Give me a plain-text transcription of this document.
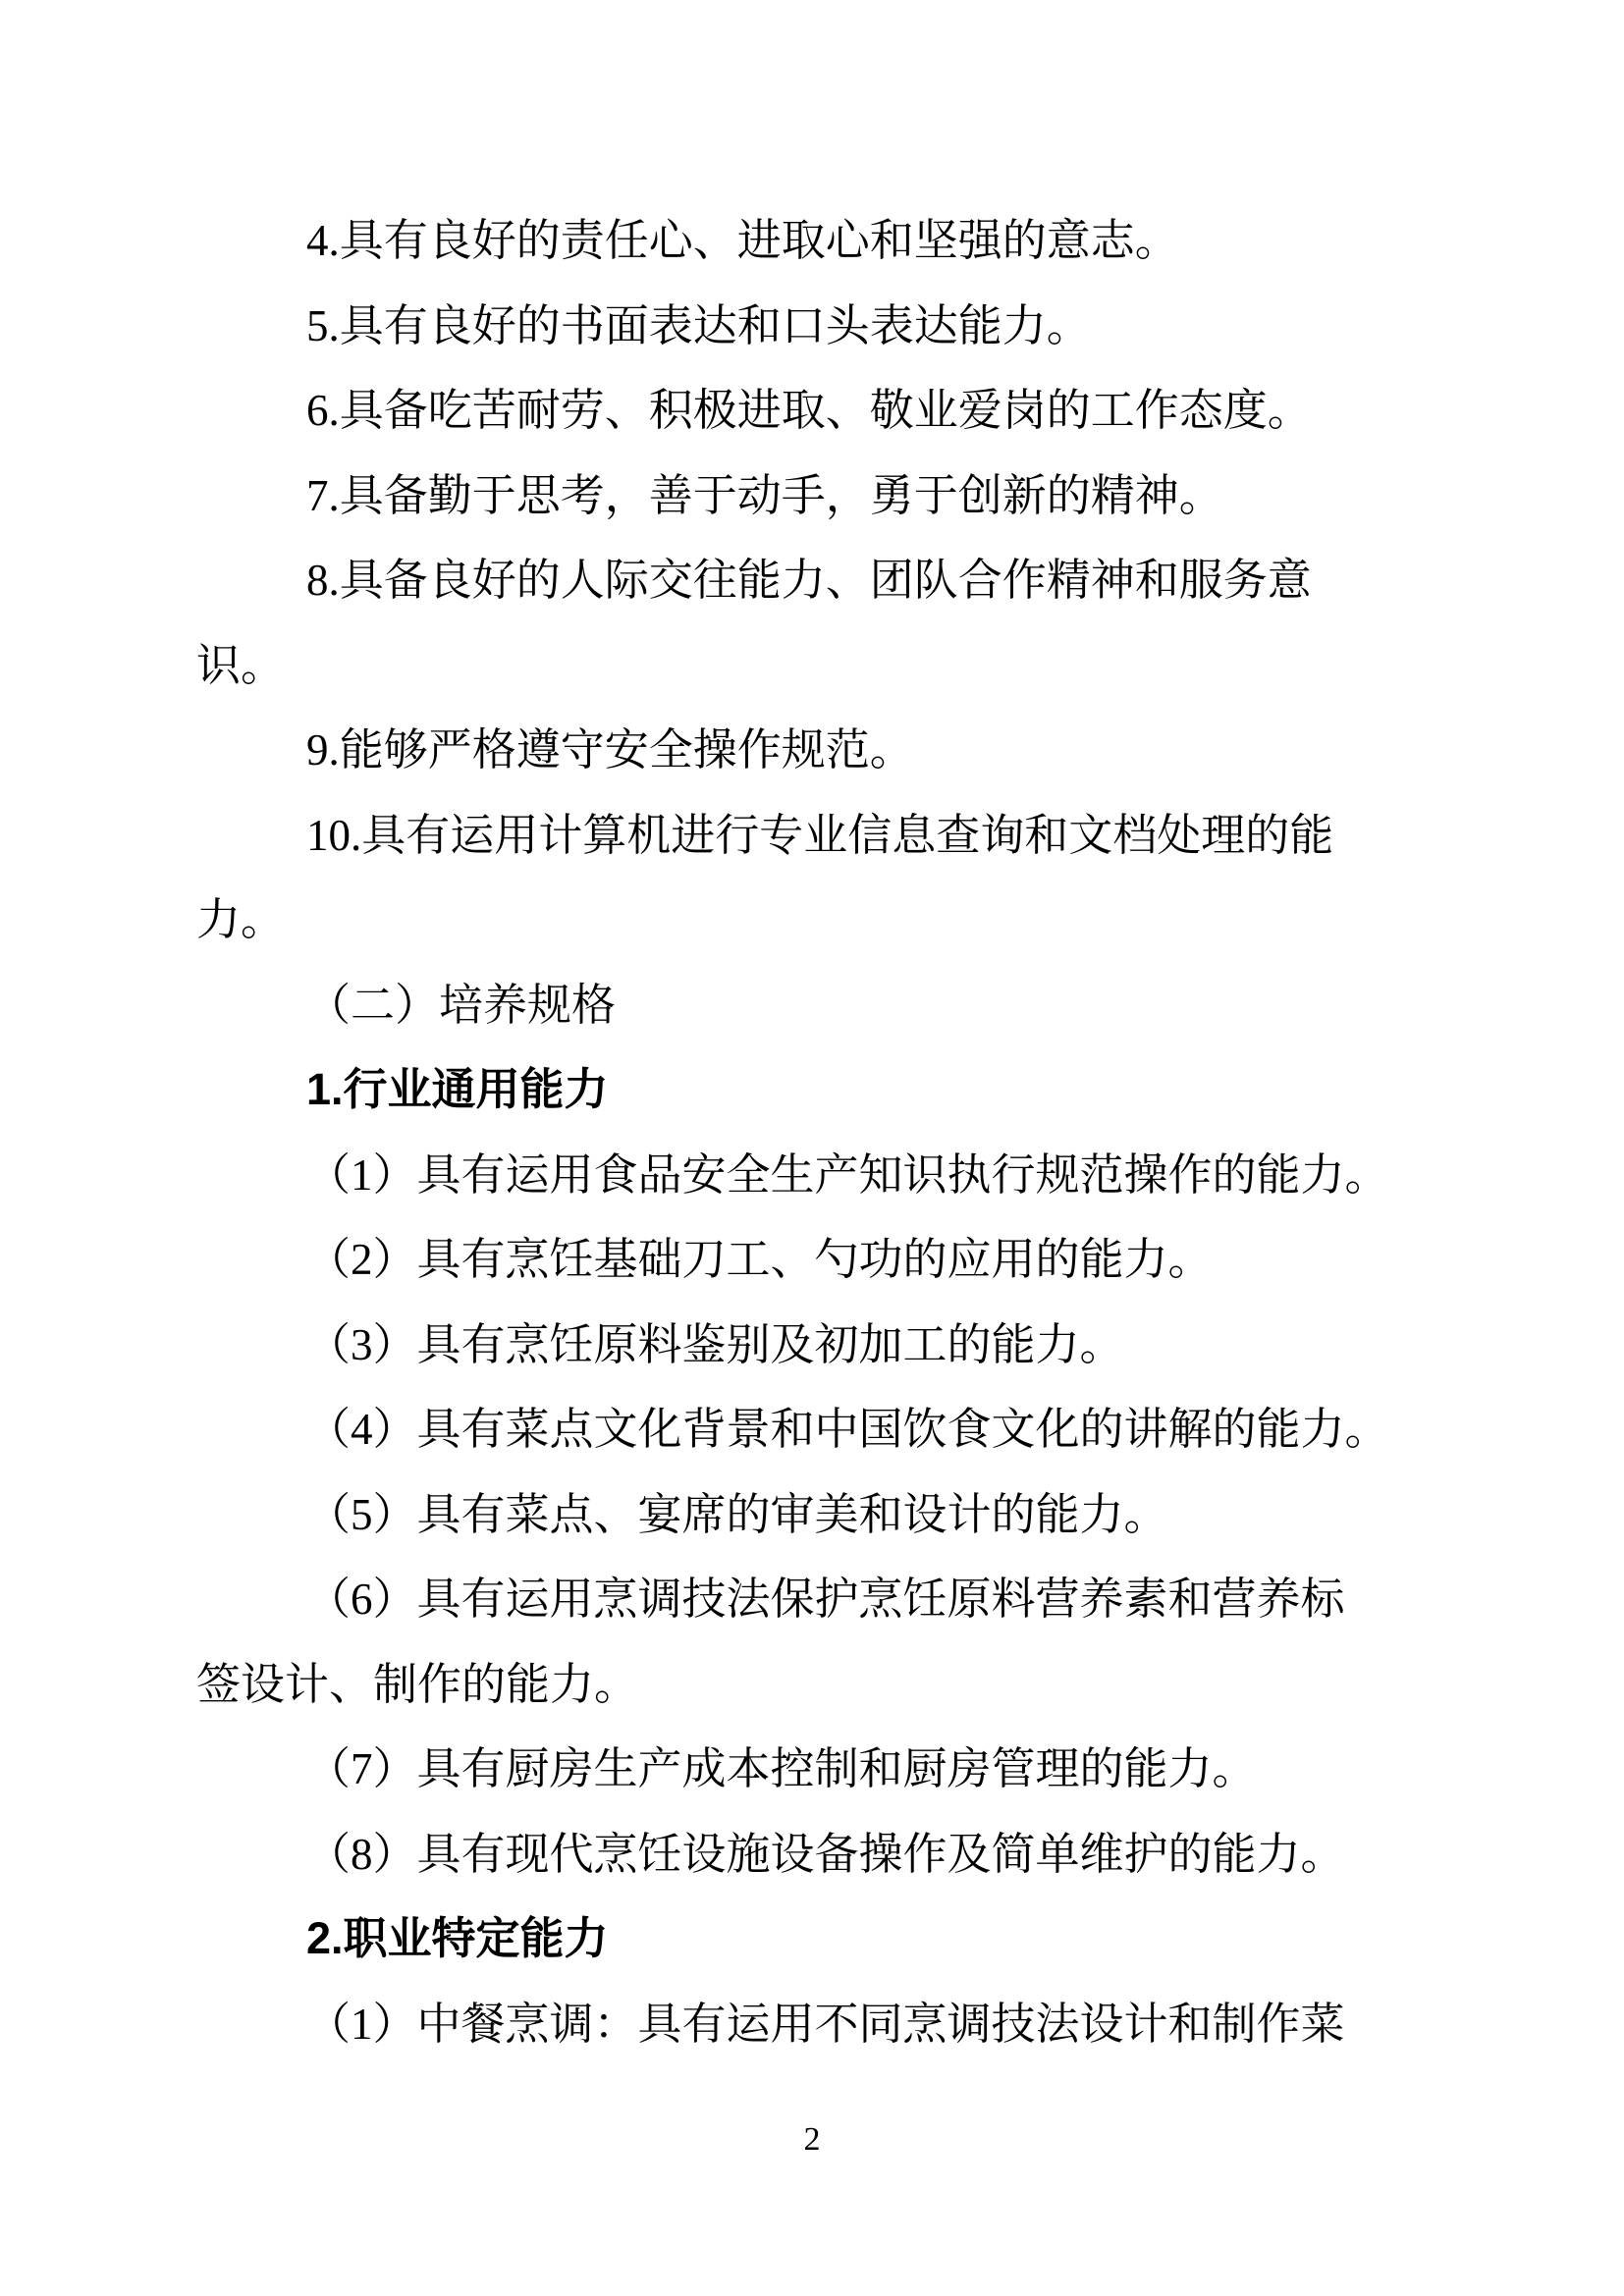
4.具有良好的责任心、进取心和坚强的意志。
5.具有良好的书面表达和口头表达能力。
6.具备吃苦耐劳、积极进取、敬业爱岗的工作态度。
7.具备勤于思考，善于动手，勇于创新的精神。
8.具备良好的人际交往能力、团队合作精神和服务意
识。
9.能够严格遵守安全操作规范。
10.具有运用计算机进行专业信息查询和文档处理的能
力。
（二）培养规格
1.行业通用能力
（1）具有运用食品安全生产知识执行规范操作的能力。
（2）具有烹饪基础刀工、勺功的应用的能力。
（3）具有烹饪原料鉴别及初加工的能力。
（4）具有菜点文化背景和中国饮食文化的讲解的能力。
（5）具有菜点、宴席的审美和设计的能力。
（6）具有运用烹调技法保护烹饪原料营养素和营养标
签设计、制作的能力。
（7）具有厨房生产成本控制和厨房管理的能力。
（8）具有现代烹饪设施设备操作及简单维护的能力。
2.职业特定能力
（1）中餐烹调：具有运用不同烹调技法设计和制作菜
2
